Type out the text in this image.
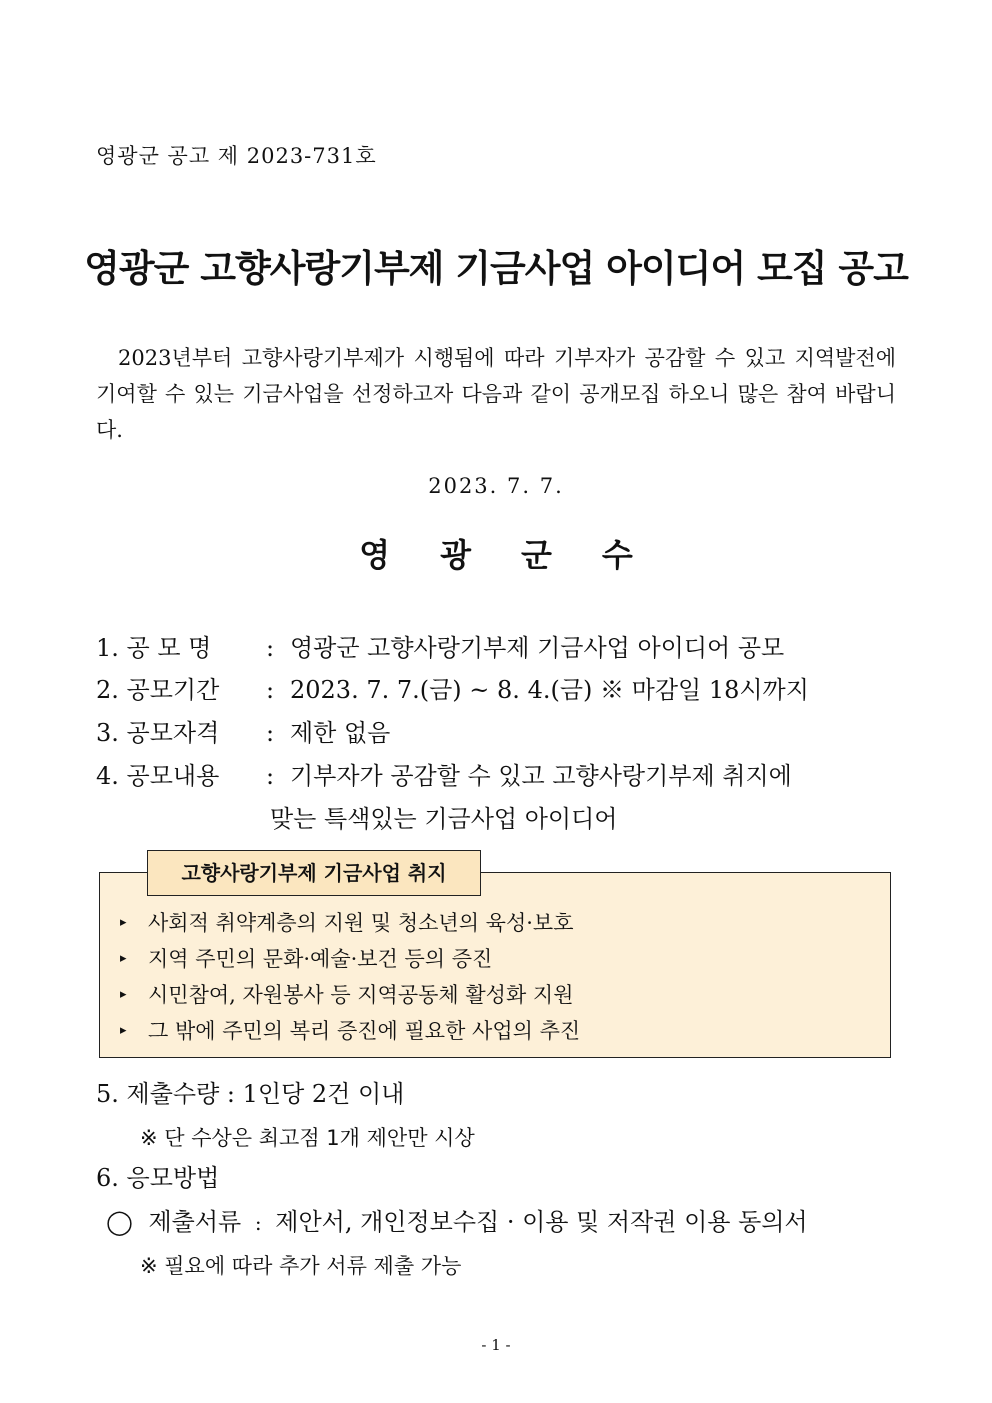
영광군 공고 제 2023-731호
영광군 고향사랑기부제 기금사업 아이디어 모집 공고
2023년부터 고향사랑기부제가 시행됨에 따라 기부자가 공감할 수 있고 지역발전에 기여할 수 있는 기금사업을 선정하고자 다음과 같이 공개모집 하오니 많은 참여 바랍니다.
2023. 7. 7.
영광군수
1. 공 모 명 : 영광군 고향사랑기부제 기금사업 아이디어 공모
2. 공모기간 : 2023. 7. 7.(금) ~ 8. 4.(금) ※ 마감일 18시까지
3. 공모자격 : 제한 없음
4. 공모내용 : 기부자가 공감할 수 있고 고향사랑기부제 취지에
맞는 특색있는 기금사업 아이디어
고향사랑기부제 기금사업 취지
▸ 사회적 취약계층의 지원 및 청소년의 육성·보호
▸ 지역 주민의 문화·예술·보건 등의 증진
▸ 시민참여, 자원봉사 등 지역공동체 활성화 지원
▸ 그 밖에 주민의 복리 증진에 필요한 사업의 추진
5. 제출수량 : 1인당 2건 이내
※ 단 수상은 최고점 1개 제안만 시상
6. 응모방법
◯ 제출서류 : 제안서, 개인정보수집 · 이용 및 저작권 이용 동의서
※ 필요에 따라 추가 서류 제출 가능
- 1 -
